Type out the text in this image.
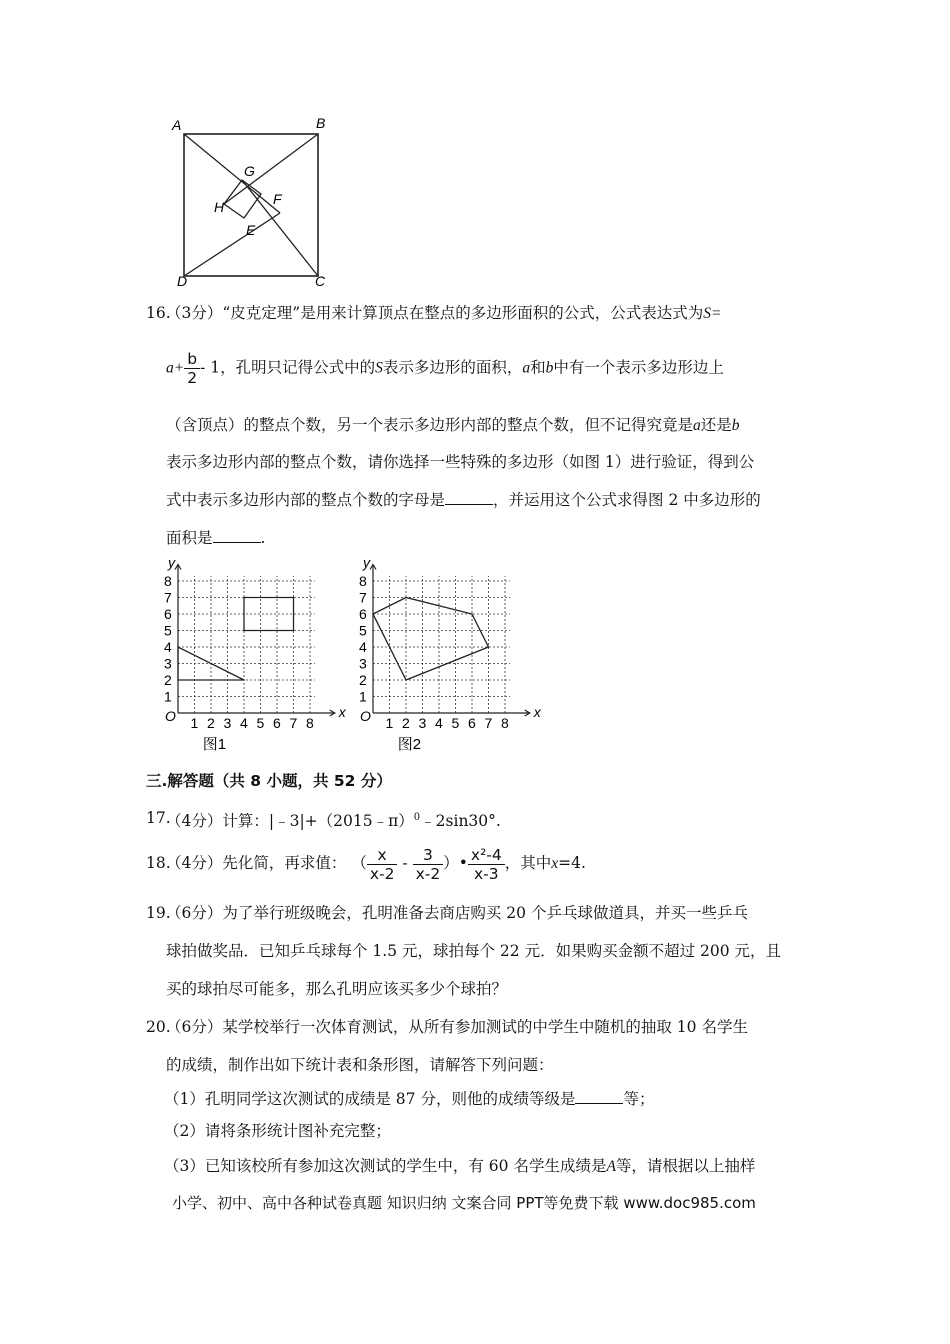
A	B
C
D
E
F
G
H
16.
（3分）“皮克定理”是用来计算顶点在整点的多边形面积的公式，公式表达式为S=
$a+ \frac{b}{2} - 1$，孔明只记得公式中的S表示多边形的面积，a和b中有一个表示多边形边上
（含顶点）的整点个数，另一个表示多边形内部的整点个数，但不记得究竟是a还是b
表示多边形内部的整点个数，请你选择一些特殊的多边形（如图 1）进行验证，得到公
式中表示多边形内部的整点个数的字母是	，并运用这个公式求得图 2 中多边形的
面积是	.
1
1
2
2
3
3
4
4
5
5
6
6
7
7
8
8
O	x
y
图1
1
1
2
2
3
3
4
4
5
5
6
6
7
7
8
8
O	x
y
图2
三.解答题（共 8 小题，共 52 分）
17.
（4分）计算：|﹣3|+（2015﹣π）$^0$﹣2sin30°.
18.
（4分）先化简，再求值： （ $\frac{x}{x-2} - \frac{3}{x-2}$ ）• $\frac{\text{x²-4}}{x-3}$ ，其中x=4.
19.
（6分）为了举行班级晚会，孔明准备去商店购买 20 个乒乓球做道具，并买一些乒乓
球拍做奖品．已知乒乓球每个 1.5 元，球拍每个 22 元．如果购买金额不超过 200 元，且
买的球拍尽可能多，那么孔明应该买多少个球拍？
20.
（6分）某学校举行一次体育测试，从所有参加测试的中学生中随机的抽取 10 名学生
的成绩，制作出如下统计表和条形图，请解答下列问题：
（1）孔明同学这次测试的成绩是 87 分，则他的成绩等级是	等；
（2）请将条形统计图补充完整；
（3）已知该校所有参加这次测试的学生中，有 60 名学生成绩是A等，请根据以上抽样
小学、初中、高中各种试卷真题 知识归纳 文案合同 PPT等免费下载 www.doc985.com
